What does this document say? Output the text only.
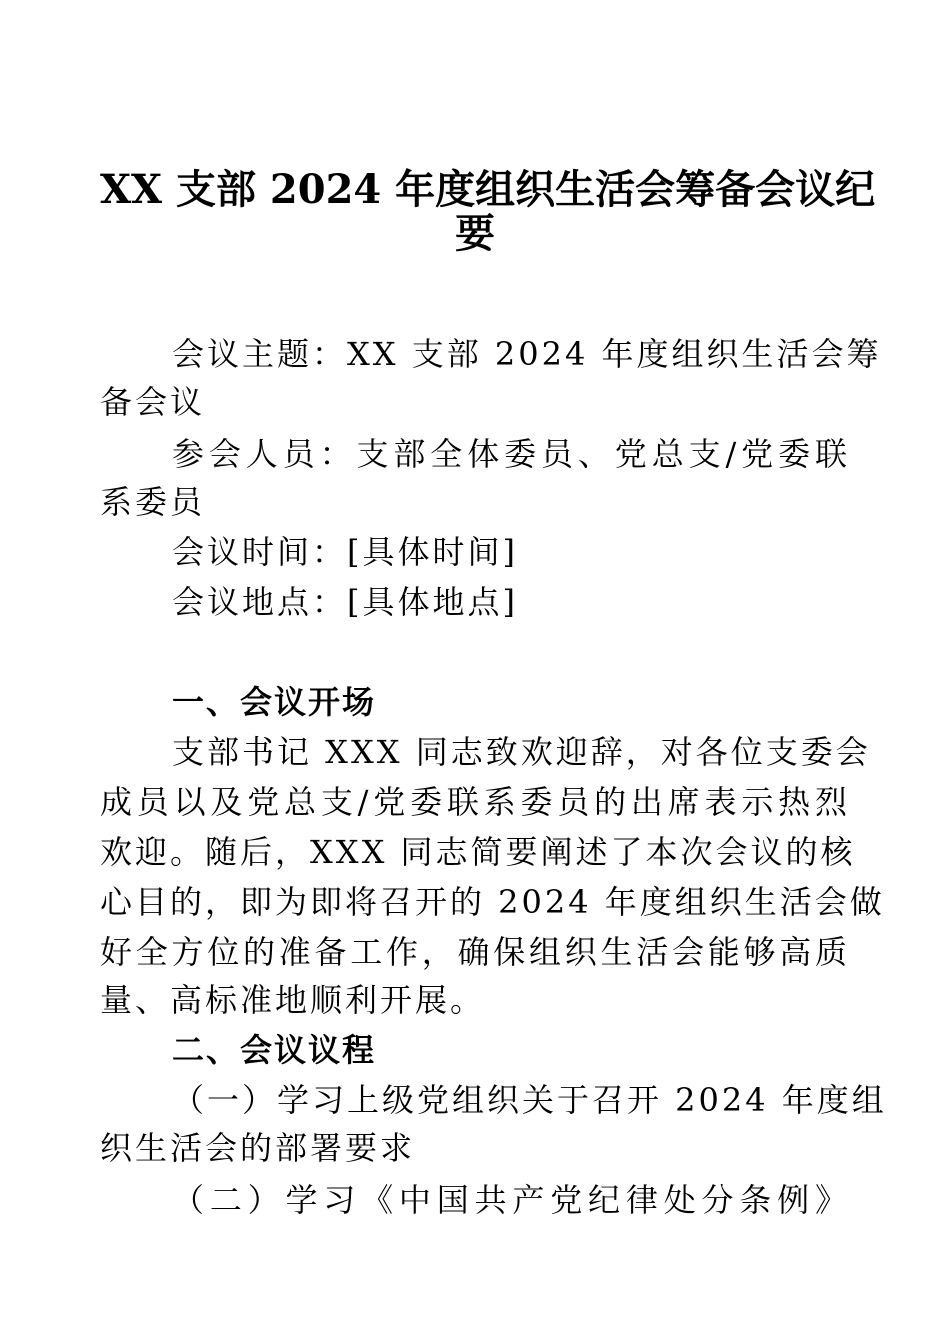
XX 支部 2024 年度组织生活会筹备会议纪
要
会议主题：XX 支部 2024 年度组织生活会筹
备会议
参会人员：支部全体委员、党总支/党委联
系委员
会议时间：[具体时间]
会议地点：[具体地点]
一、会议开场
支部书记 XXX 同志致欢迎辞，对各位支委会
成员以及党总支/党委联系委员的出席表示热烈
欢迎。随后，XXX 同志简要阐述了本次会议的核
心目的，即为即将召开的 2024 年度组织生活会做
好全方位的准备工作，确保组织生活会能够高质
量、高标准地顺利开展。
二、会议议程
（一）学习上级党组织关于召开 2024 年度组
织生活会的部署要求
（二）学习《中国共产党纪律处分条例》
